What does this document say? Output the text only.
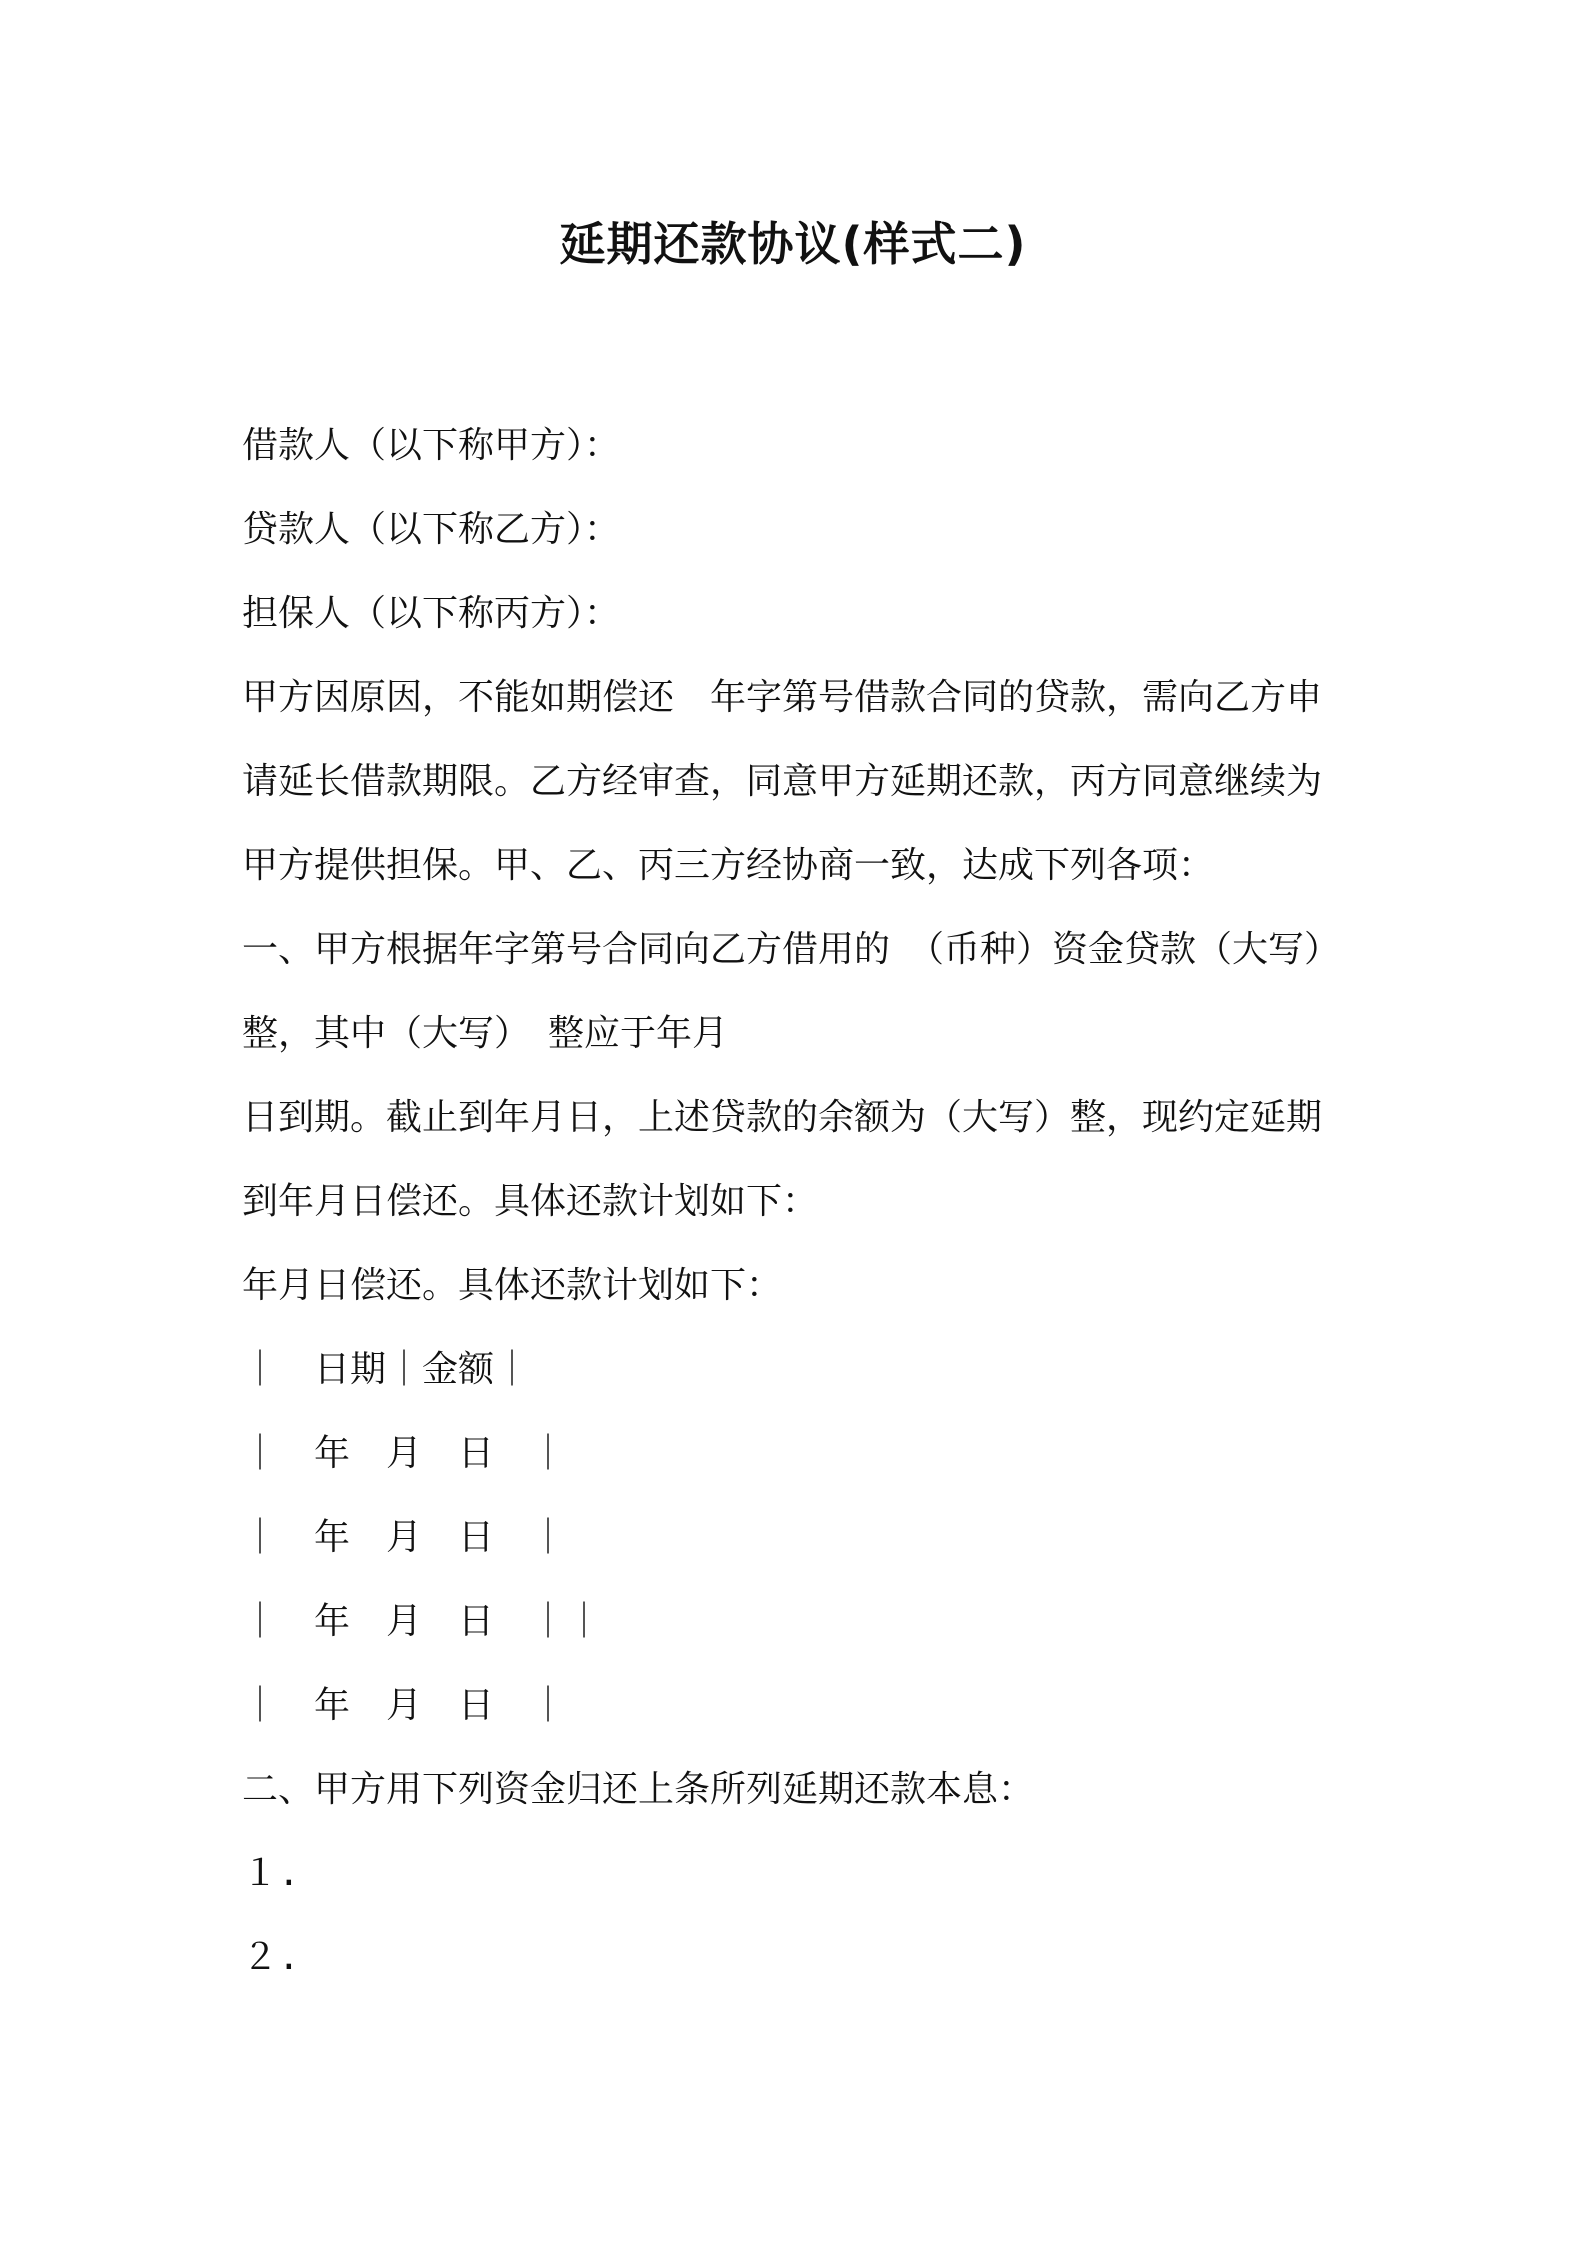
延期还款协议(样式二)
借款人（以下称甲方）：
贷款人（以下称乙方）：
担保人（以下称丙方）：
甲方因原因，不能如期偿还　年字第号借款合同的贷款，需向乙方申
请延长借款期限。乙方经审查，同意甲方延期还款，丙方同意继续为
甲方提供担保。甲、乙、丙三方经协商一致，达成下列各项：
一、甲方根据年字第号合同向乙方借用的　（币种）资金贷款（大写）
整，其中（大写）　整应于年月
日到期。截止到年月日，上述贷款的余额为（大写）整，现约定延期
到年月日偿还。具体还款计划如下：
年月日偿还。具体还款计划如下：
｜　日期｜金额｜
｜　年　月　日　｜
｜　年　月　日　｜
｜　年　月　日　｜｜
｜　年　月　日　｜
二、甲方用下列资金归还上条所列延期还款本息：
１.
２.
